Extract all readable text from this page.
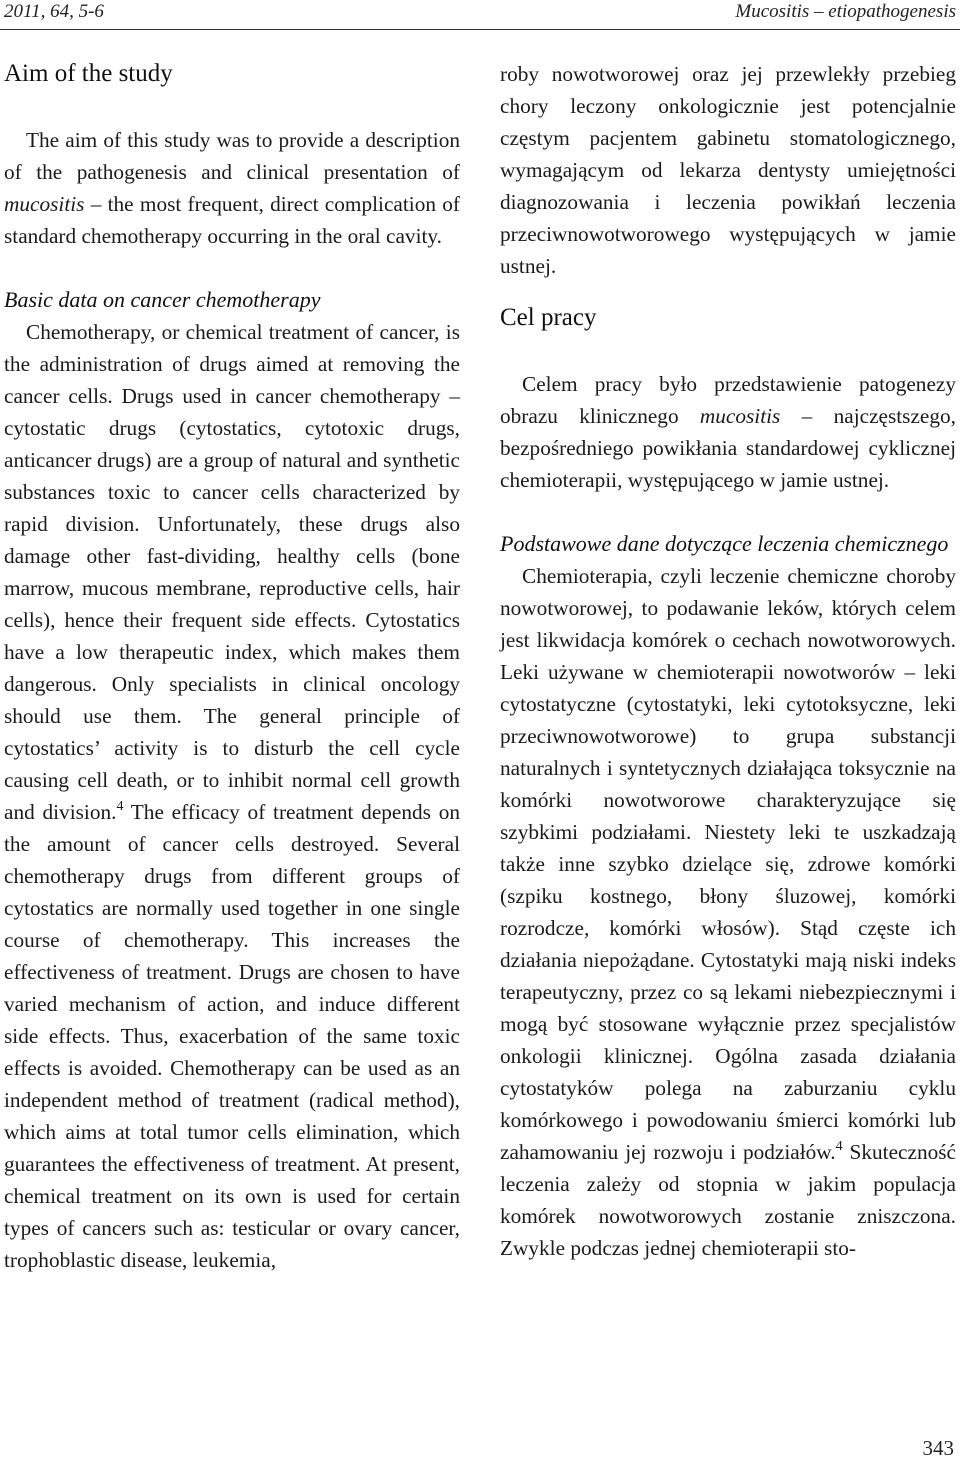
2011, 64, 5-6	Mucositis – etiopathogenesis
Aim of the study

The aim of this study was to provide a description of the pathogenesis and clinical presentation of mucositis – the most frequent, direct complication of standard chemotherapy occurring in the oral cavity.

Basic data on cancer chemotherapy

Chemotherapy, or chemical treatment of cancer, is the administration of drugs aimed at removing the cancer cells. Drugs used in cancer chemotherapy – cytostatic drugs (cytostatics, cytotoxic drugs, anticancer drugs) are a group of natural and synthetic substances toxic to cancer cells characterized by rapid division. Unfortunately, these drugs also damage other fast-dividing, healthy cells (bone marrow, mucous membrane, reproductive cells, hair cells), hence their frequent side effects. Cytostatics have a low therapeutic index, which makes them dangerous. Only specialists in clinical oncology should use them. The general principle of cytostatics’ activity is to disturb the cell cycle causing cell death, or to inhibit normal cell growth and division.$^4$ The efficacy of treatment depends on the amount of cancer cells destroyed. Several chemotherapy drugs from different groups of cytostatics are normally used together in one single course of chemotherapy. This increases the effectiveness of treatment. Drugs are chosen to have varied mechanism of action, and induce different side effects. Thus, exacerbation of the same toxic effects is avoided. Chemotherapy can be used as an independent method of treatment (radical method), which aims at total tumor cells elimination, which guarantees the effectiveness of treatment. At present, chemical treatment on its own is used for certain types of cancers such as: testicular or ovary cancer, trophoblastic disease, leukemia,

roby nowotworowej oraz jej przewlekły przebieg chory leczony onkologicznie jest potencjalnie częstym pacjentem gabinetu stomatologicznego, wymagającym od lekarza dentysty umiejętności diagnozowania i leczenia powikłań leczenia przeciwnowotworowego występujących w jamie ustnej.

Cel pracy

Celem pracy było przedstawienie patogenezy obrazu klinicznego mucositis – najczęstszego, bezpośredniego powikłania standardowej cyklicznej chemioterapii, występującego w jamie ustnej.

Podstawowe dane dotyczące leczenia chemicznego

Chemioterapia, czyli leczenie chemiczne choroby nowotworowej, to podawanie leków, których celem jest likwidacja komórek o cechach nowotworowych. Leki używane w chemioterapii nowotworów – leki cytostatyczne (cytostatyki, leki cytotoksyczne, leki przeciwnowotworowe) to grupa substancji naturalnych i syntetycznych działająca toksycznie na komórki nowotworowe charakteryzujące się szybkimi podziałami. Niestety leki te uszkadzają także inne szybko dzielące się, zdrowe komórki (szpiku kostnego, błony śluzowej, komórki rozrodcze, komórki włosów). Stąd częste ich działania niepożądane. Cytostatyki mają niski indeks terapeutyczny, przez co są lekami niebezpiecznymi i mogą być stosowane wyłącznie przez specjalistów onkologii klinicznej. Ogólna zasada działania cytostatyków polega na zaburzaniu cyklu komórkowego i powodowaniu śmierci komórki lub zahamowaniu jej rozwoju i podziałów.$^4$ Skuteczność leczenia zależy od stopnia w jakim populacja komórek nowotworowych zostanie zniszczona. Zwykle podczas jednej chemioterapii sto-

343
